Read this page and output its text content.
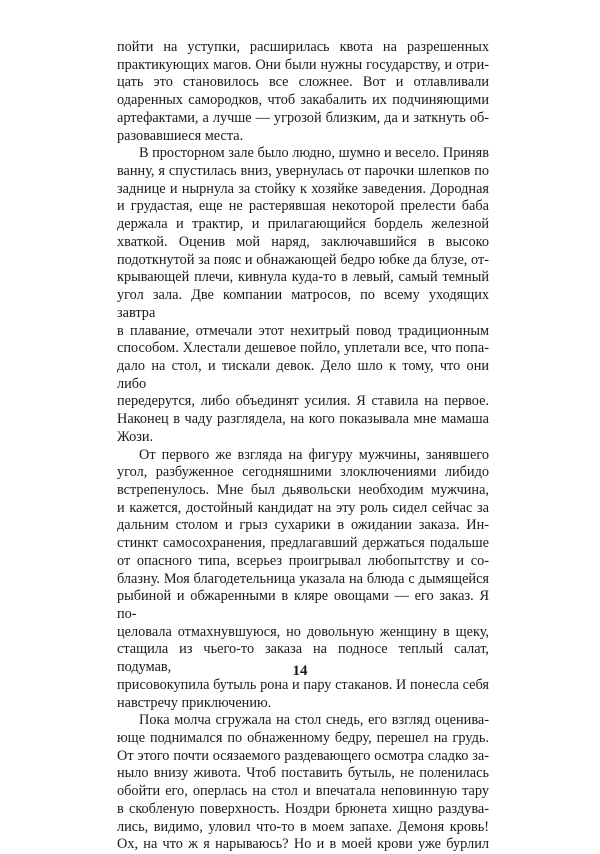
пойти на уступки, расширилась квота на разрешенных

практикующих магов. Они были нужны государству, и отри-

цать это становилось все сложнее. Вот и отлавливали

одаренных самородков, чтоб закабалить их подчиняющими

артефактами, а лучше — угрозой близким, да и заткнуть об-

разовавшиеся места.

В просторном зале было людно, шумно и весело. Приняв

ванну, я спустилась вниз, увернулась от парочки шлепков по

заднице и нырнула за стойку к хозяйке заведения. Дородная

и грудастая, еще не растерявшая некоторой прелести баба

держала и трактир, и прилагающийся бордель железной

хваткой. Оценив мой наряд, заключавшийся в высоко

подоткнутой за пояс и обнажающей бедро юбке да блузе, от-

крывающей плечи, кивнула куда-то в левый, самый темный

угол зала. Две компании матросов, по всему уходящих завтра

в плавание, отмечали этот нехитрый повод традиционным

способом. Хлестали дешевое пойло, уплетали все, что попа-

дало на стол, и тискали девок. Дело шло к тому, что они либо

передерутся, либо объединят усилия. Я ставила на первое.

Наконец в чаду разглядела, на кого показывала мне мамаша

Жози.

От первого же взгляда на фигуру мужчины, занявшего

угол, разбуженное сегодняшними злоключениями либидо

встрепенулось. Мне был дьявольски необходим мужчина,

и кажется, достойный кандидат на эту роль сидел сейчас за

дальним столом и грыз сухарики в ожидании заказа. Ин-

стинкт самосохранения, предлагавший держаться подальше

от опасного типа, всерьез проигрывал любопытству и со-

блазну. Моя благодетельница указала на блюда с дымящейся

рыбиной и обжаренными в кляре овощами — его заказ. Я по-

целовала отмахнувшуюся, но довольную женщину в щеку,

стащила из чьего-то заказа на подносе теплый салат, подумав,

присовокупила бутыль рона и пару стаканов. И понесла себя

навстречу приключению.

Пока молча сгружала на стол снедь, его взгляд оценива-

юще поднимался по обнаженному бедру, перешел на грудь.

От этого почти осязаемого раздевающего осмотра сладко за-

ныло внизу живота. Чтоб поставить бутыль, не поленилась

обойти его, оперлась на стол и впечатала неповинную тару

в скобленую поверхность. Ноздри брюнета хищно раздува-

лись, видимо, уловил что-то в моем запахе. Демоня кровь!

Ох, на что ж я нарываюсь? Но и в моей крови уже бурлил

14
